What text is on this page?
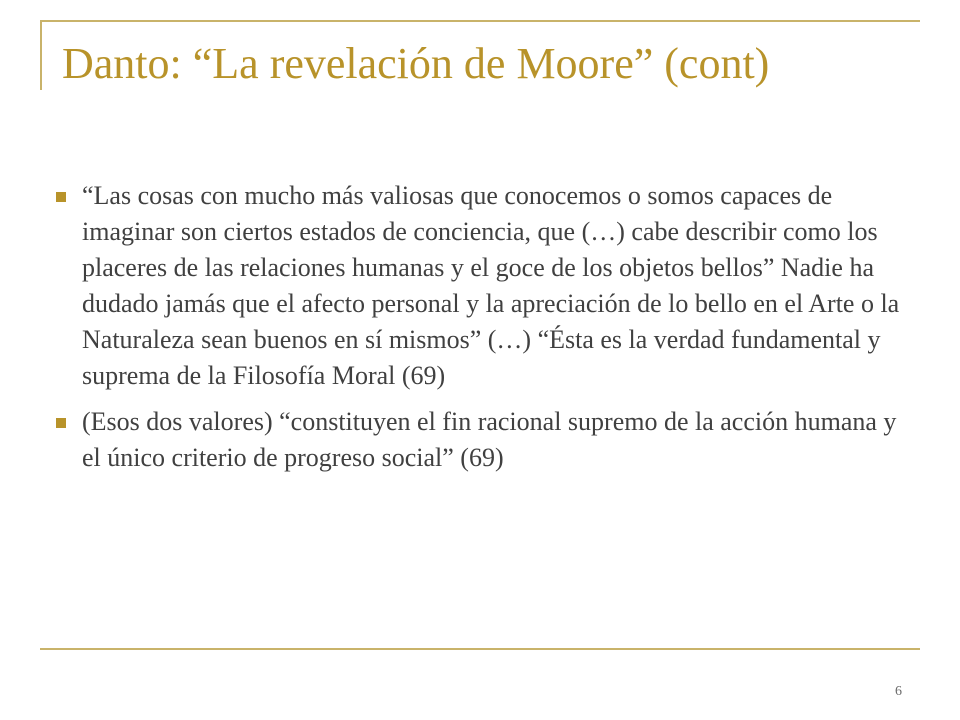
Danto: “La revelación de Moore” (cont)
“Las cosas con mucho más valiosas que conocemos o somos capaces de imaginar son ciertos estados de conciencia, que (…) cabe describir como los placeres de las relaciones humanas y el goce de los objetos bellos” Nadie ha dudado jamás que el afecto personal y la apreciación de lo bello en el Arte o la Naturaleza sean buenos en sí mismos” (…) “Ésta es la verdad fundamental y suprema de la Filosofía Moral (69)
(Esos dos valores) “constituyen el fin racional supremo de la acción humana y el único criterio de progreso social” (69)
6
